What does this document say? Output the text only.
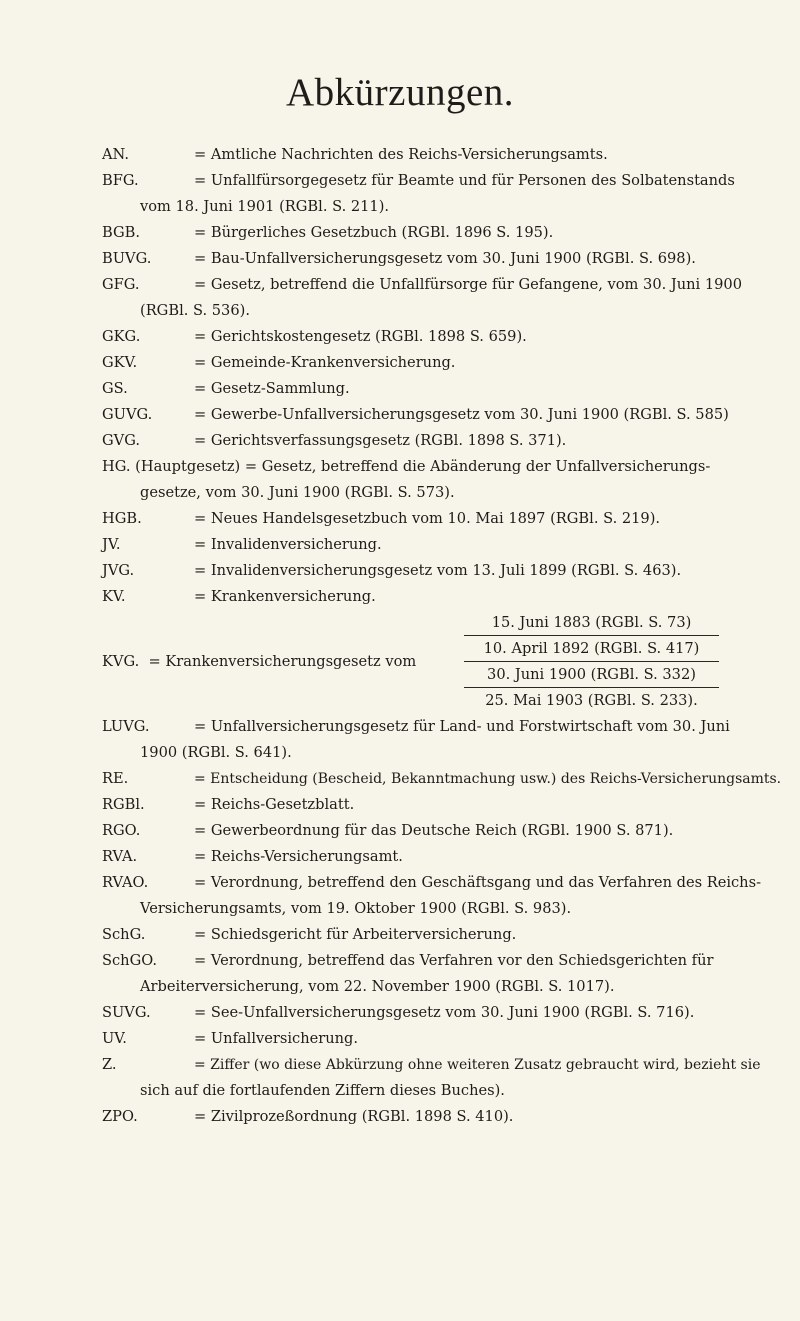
Abkürzungen.
AN.	= Amtliche Nachrichten des Reichs-Versicherungsamts.
BFG.	= Unfallfürsorgegesetz für Beamte und für Personen des Solbatenstands
vom 18. Juni 1901 (RGBl. S. 211).
BGB.	= Bürgerliches Gesetzbuch (RGBl. 1896 S. 195).
BUVG.	= Bau-Unfallversicherungsgesetz vom 30. Juni 1900 (RGBl. S. 698).
GFG.	= Gesetz, betreffend die Unfallfürsorge für Gefangene, vom 30. Juni 1900
(RGBl. S. 536).
GKG.	= Gerichtskostengesetz (RGBl. 1898 S. 659).
GKV.	= Gemeinde-Krankenversicherung.
GS.	= Gesetz-Sammlung.
GUVG.	= Gewerbe-Unfallversicherungsgesetz vom 30. Juni 1900 (RGBl. S. 585)
GVG.	= Gerichtsverfassungsgesetz (RGBl. 1898 S. 371).
HG. (Hauptgesetz) = Gesetz, betreffend die Abänderung der Unfallversicherungs-
gesetze, vom 30. Juni 1900 (RGBl. S. 573).
HGB.	= Neues Handelsgesetzbuch vom 10. Mai 1897 (RGBl. S. 219).
JV.	= Invalidenversicherung.
JVG.	= Invalidenversicherungsgesetz vom 13. Juli 1899 (RGBl. S. 463).
KV.	= Krankenversicherung.
KVG. = Krankenversicherungsgesetz vom
15. Juni 1883 (RGBl. S. 73)
10. April 1892 (RGBl. S. 417)
30. Juni 1900 (RGBl. S. 332)
25. Mai 1903 (RGBl. S. 233).
LUVG.	= Unfallversicherungsgesetz für Land- und Forstwirtschaft vom 30. Juni
1900 (RGBl. S. 641).
RE.	= Entscheidung (Bescheid, Bekanntmachung usw.) des Reichs-Versicherungsamts.
RGBl.	= Reichs-Gesetzblatt.
RGO.	= Gewerbeordnung für das Deutsche Reich (RGBl. 1900 S. 871).
RVA.	= Reichs-Versicherungsamt.
RVAO.	= Verordnung, betreffend den Geschäftsgang und das Verfahren des Reichs-
Versicherungsamts, vom 19. Oktober 1900 (RGBl. S. 983).
SchG.	= Schiedsgericht für Arbeiterversicherung.
SchGO.	= Verordnung, betreffend das Verfahren vor den Schiedsgerichten für
Arbeiterversicherung, vom 22. November 1900 (RGBl. S. 1017).
SUVG.	= See-Unfallversicherungsgesetz vom 30. Juni 1900 (RGBl. S. 716).
UV.	= Unfallversicherung.
Z.	= Ziffer (wo diese Abkürzung ohne weiteren Zusatz gebraucht wird, bezieht sie
sich auf die fortlaufenden Ziffern dieses Buches).
ZPO.	= Zivilprozeßordnung (RGBl. 1898 S. 410).
